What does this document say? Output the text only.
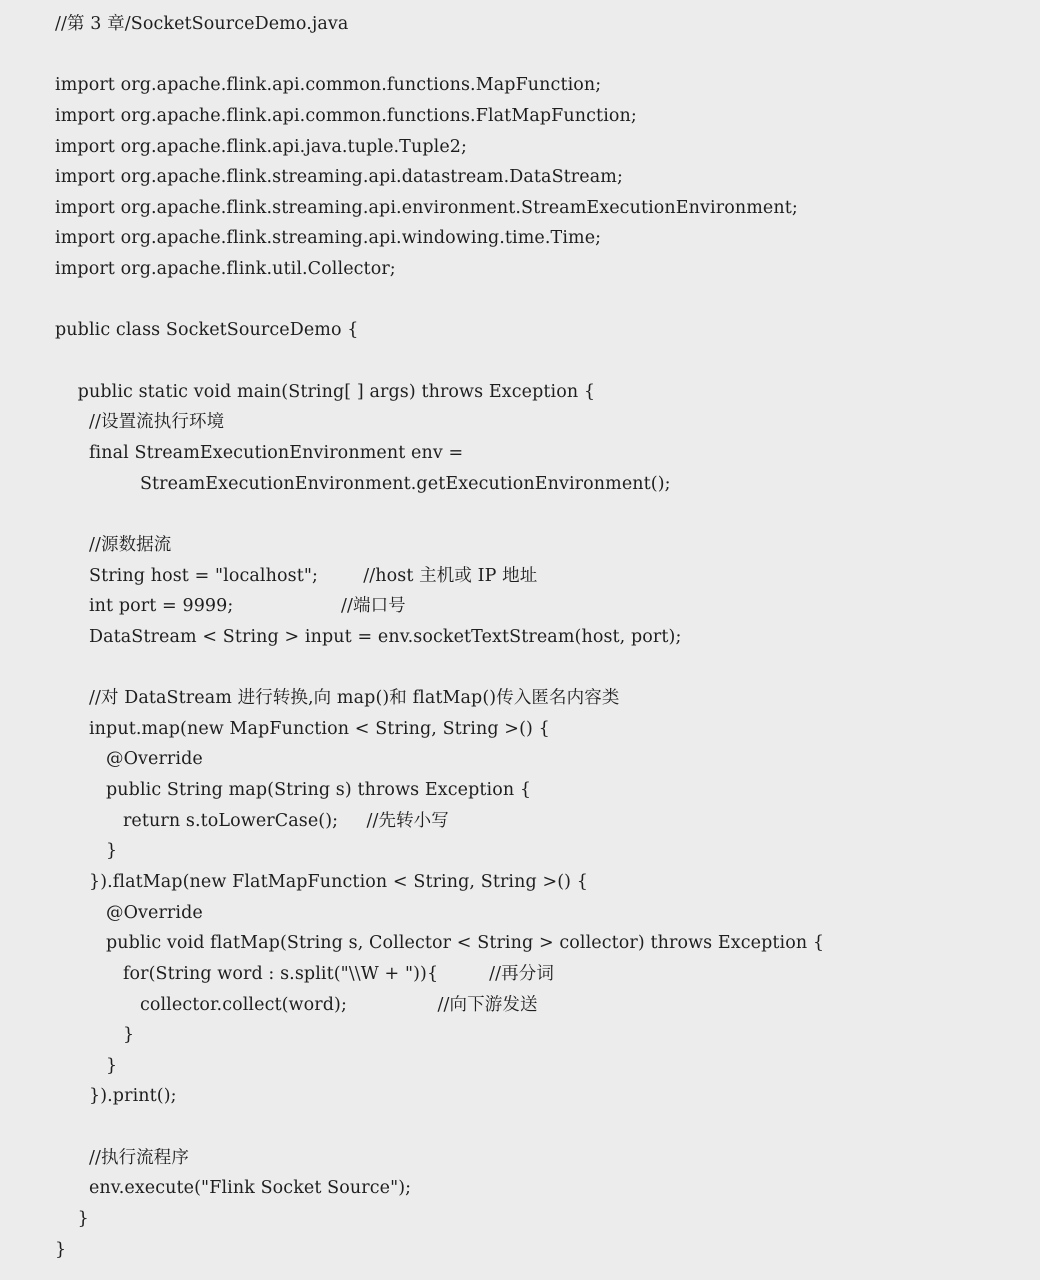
//第 3 章/SocketSourceDemo.java
import org.apache.flink.api.common.functions.MapFunction;
import org.apache.flink.api.common.functions.FlatMapFunction;
import org.apache.flink.api.java.tuple.Tuple2;
import org.apache.flink.streaming.api.datastream.DataStream;
import org.apache.flink.streaming.api.environment.StreamExecutionEnvironment;
import org.apache.flink.streaming.api.windowing.time.Time;
import org.apache.flink.util.Collector;
public class SocketSourceDemo {
public static void main(String[ ] args) throws Exception {
//设置流执行环境
final StreamExecutionEnvironment env =
StreamExecutionEnvironment.getExecutionEnvironment();
//源数据流
String host = "localhost";        //host 主机或 IP 地址
int port = 9999;                   //端口号
DataStream < String > input = env.socketTextStream(host, port);
//对 DataStream 进行转换,向 map()和 flatMap()传入匿名内容类
input.map(new MapFunction < String, String >() {
@Override
public String map(String s) throws Exception {
return s.toLowerCase();     //先转小写
}
}).flatMap(new FlatMapFunction < String, String >() {
@Override
public void flatMap(String s, Collector < String > collector) throws Exception {
for(String word : s.split("\\W + ")){         //再分词
collector.collect(word);                //向下游发送
}
}
}).print();
//执行流程序
env.execute("Flink Socket Source");
}
}
